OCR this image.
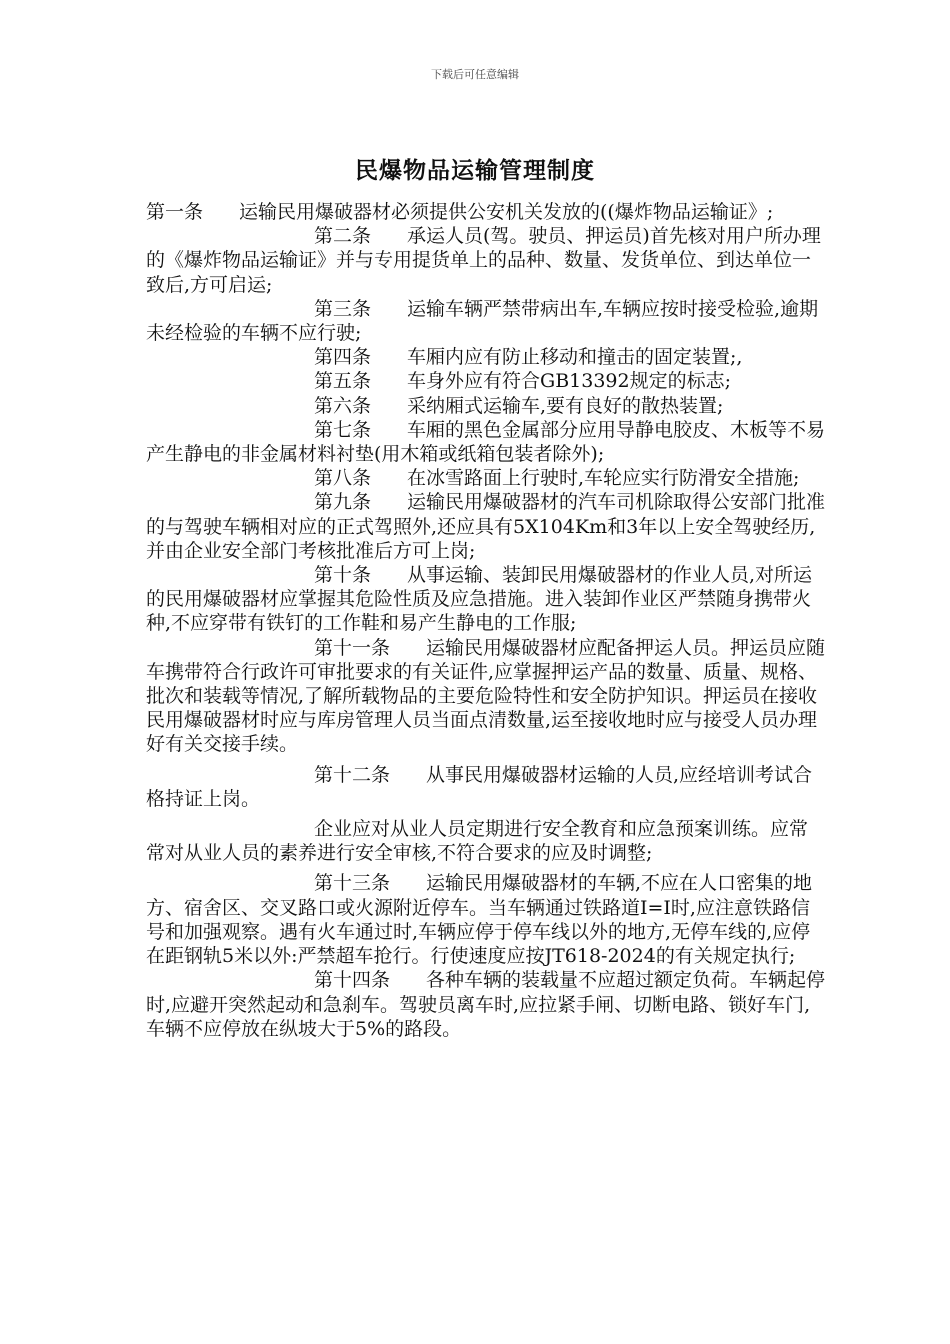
下载后可任意编辑
民爆物品运输管理制度

第一条 运输民用爆破器材必须提供公安机关发放的((爆炸物品运输证》;

第二条 承运人员(驾。驶员、押运员)首先核对用户所办理的《爆炸物品运输证》并与专用提货单上的品种、数量、发货单位、到达单位一致后,方可启运;

第三条 运输车辆严禁带病出车,车辆应按时接受检验,逾期未经检验的车辆不应行驶;

第四条 车厢内应有防止移动和撞击的固定装置;,

第五条 车身外应有符合GB13392规定的标志;

第六条 采纳厢式运输车,要有良好的散热装置;

第七条 车厢的黑色金属部分应用导静电胶皮、木板等不易产生静电的非金属材料衬垫(用木箱或纸箱包装者除外);

第八条 在冰雪路面上行驶时,车轮应实行防滑安全措施;

第九条 运输民用爆破器材的汽车司机除取得公安部门批准的与驾驶车辆相对应的正式驾照外,还应具有5X104Km和3年以上安全驾驶经历,并由企业安全部门考核批准后方可上岗;

第十条 从事运输、装卸民用爆破器材的作业人员,对所运的民用爆破器材应掌握其危险性质及应急措施。进入装卸作业区严禁随身携带火种,不应穿带有铁钉的工作鞋和易产生静电的工作服;

第十一条 运输民用爆破器材应配备押运人员。押运员应随车携带符合行政许可审批要求的有关证件,应掌握押运产品的数量、质量、规格、批次和装载等情况,了解所载物品的主要危险特性和安全防护知识。押运员在接收民用爆破器材时应与库房管理人员当面点清数量,运至接收地时应与接受人员办理好有关交接手续。

第十二条 从事民用爆破器材运输的人员,应经培训考试合格持证上岗。

企业应对从业人员定期进行安全教育和应急预案训练。应常常对从业人员的素养进行安全审核,不符合要求的应及时调整;

第十三条 运输民用爆破器材的车辆,不应在人口密集的地方、宿舍区、交叉路口或火源附近停车。当车辆通过铁路道I=I时,应注意铁路信号和加强观察。遇有火车通过时,车辆应停于停车线以外的地方,无停车线的,应停在距钢轨5米以外:严禁超车抢行。行使速度应按JT618-2024的有关规定执行;

第十四条 各种车辆的装载量不应超过额定负荷。车辆起停时,应避开突然起动和急刹车。驾驶员离车时,应拉紧手闸、切断电路、锁好车门,车辆不应停放在纵坡大于5%的路段。
